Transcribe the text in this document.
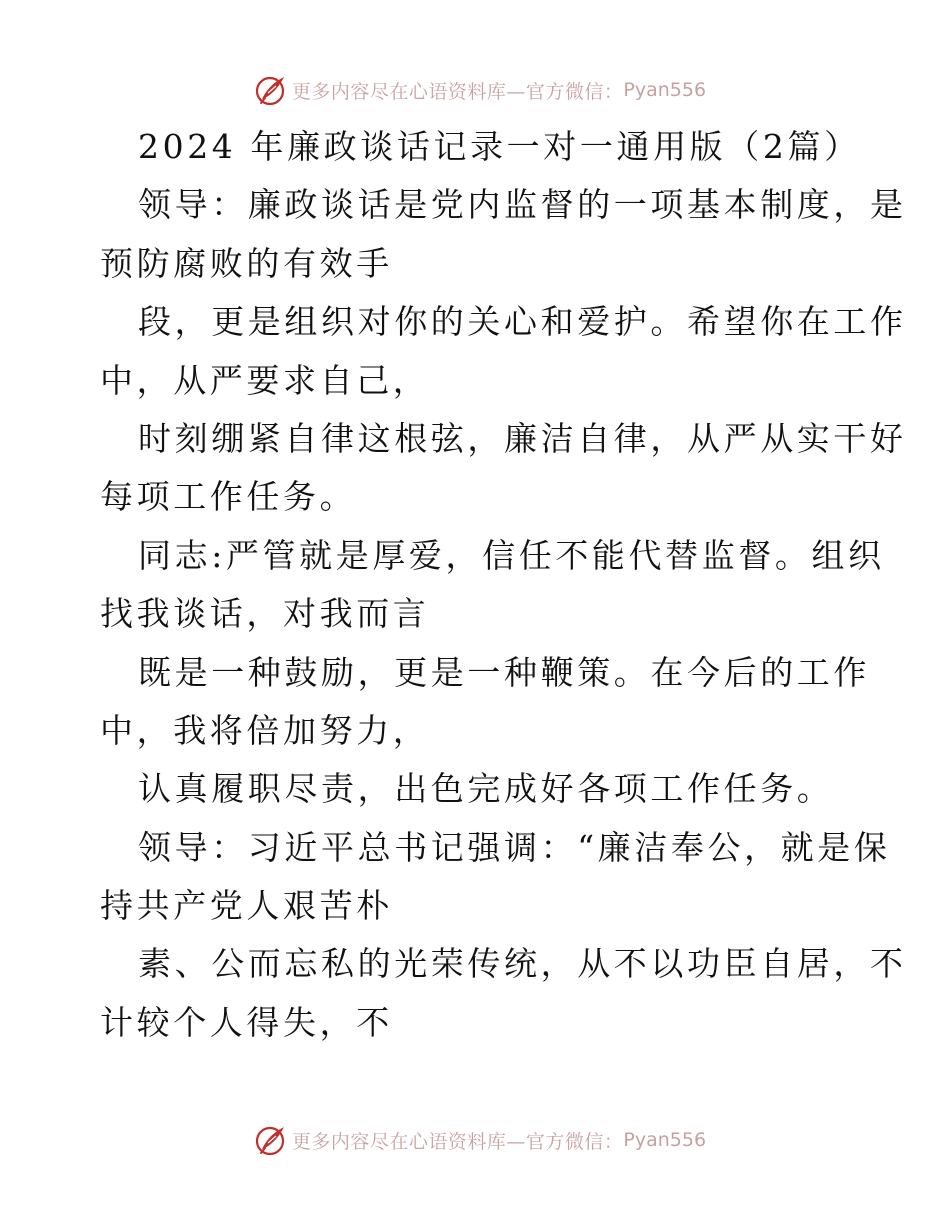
更多内容尽在心语资料库—官方微信： Pyan556
2024 年廉政谈话记录一对一通用版（2篇）
领导：廉政谈话是党内监督的一项基本制度，是
预防腐败的有效手
段，更是组织对你的关心和爱护。希望你在工作
中，从严要求自己，
时刻绷紧自律这根弦，廉洁自律，从严从实干好
每项工作任务。
同志:严管就是厚爱，信任不能代替监督。组织
找我谈话，对我而言
既是一种鼓励，更是一种鞭策。在今后的工作
中，我将倍加努力，
认真履职尽责，出色完成好各项工作任务。
领导：习近平总书记强调：“廉洁奉公，就是保
持共产党人艰苦朴
素、公而忘私的光荣传统，从不以功臣自居，不
计较个人得失，不
更多内容尽在心语资料库—官方微信： Pyan556
